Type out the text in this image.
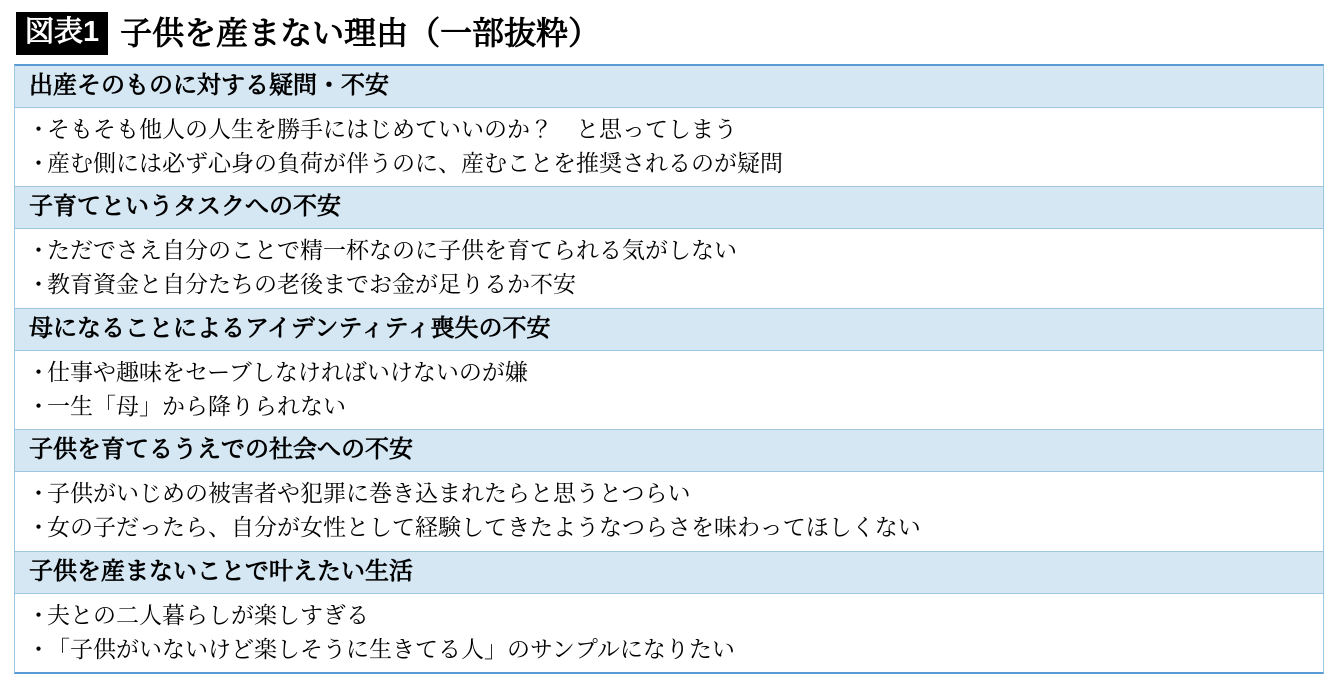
図表1 子供を産まない理由（一部抜粋）
出産そのものに対する疑問・不安
・そもそも他人の人生を勝手にはじめていいのか？　と思ってしまう
・産む側には必ず心身の負荷が伴うのに、産むことを推奨されるのが疑問
子育てというタスクへの不安
・ただでさえ自分のことで精一杯なのに子供を育てられる気がしない
・教育資金と自分たちの老後までお金が足りるか不安
母になることによるアイデンティティ喪失の不安
・仕事や趣味をセーブしなければいけないのが嫌
・一生「母」から降りられない
子供を育てるうえでの社会への不安
・子供がいじめの被害者や犯罪に巻き込まれたらと思うとつらい
・女の子だったら、自分が女性として経験してきたようなつらさを味わってほしくない
子供を産まないことで叶えたい生活
・夫との二人暮らしが楽しすぎる
・「子供がいないけど楽しそうに生きてる人」のサンプルになりたい
